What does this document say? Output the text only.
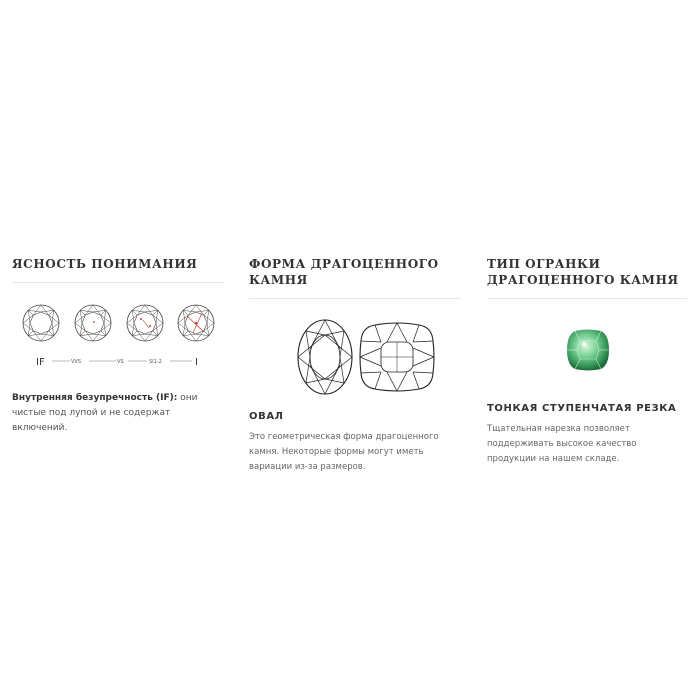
ЯСНОСТЬ ПОНИМАНИЯ
IF	VVS	VS	SI1-2	I
Внутренняя безупречность (IF): они чистые под лупой и не содержат включений.
ФОРМА ДРАГОЦЕННОГО КАМНЯ
ОВАЛ
Это геометрическая форма драгоценного камня. Некоторые формы могут иметь вариации из-за размеров.
ТИП ОГРАНКИ ДРАГОЦЕННОГО КАМНЯ
ТОНКАЯ СТУПЕНЧАТАЯ РЕЗКА
Тщательная нарезка позволяет поддерживать высокое качество продукции на нашем складе.
